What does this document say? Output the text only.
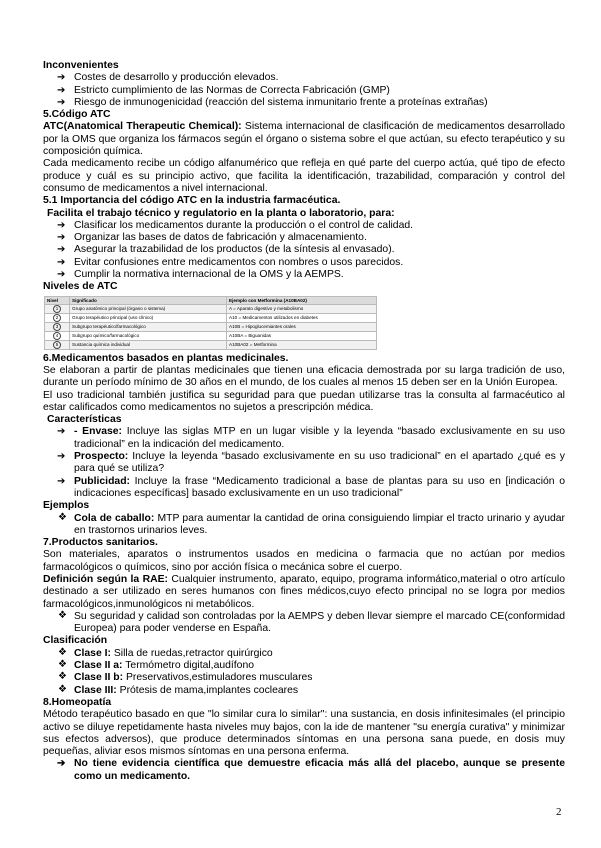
Inconvenientes

➔ Costes de desarrollo y producción elevados.

➔ Estricto cumplimiento de las Normas de Correcta Fabricación (GMP)

➔ Riesgo de inmunogenicidad (reacción del sistema inmunitario frente a proteínas extrañas)

5.Código ATC

ATC(Anatomical Therapeutic Chemical): Sistema internacional de clasificación de medicamentos desarrollado por la OMS que organiza los fármacos según el órgano o sistema sobre el que actúan, su efecto terapéutico y su composición química.

Cada medicamento recibe un código alfanumérico que refleja en qué parte del cuerpo actúa, qué tipo de efecto produce y cuál es su principio activo, que facilita la identificación, trazabilidad, comparación y control del consumo de medicamentos a nivel internacional.

5.1 Importancia del código ATC en la industria farmacéutica.

Facilita el trabajo técnico y regulatorio en la planta o laboratorio, para:

➔ Clasificar los medicamentos durante la producción o el control de calidad.

➔ Organizar las bases de datos de fabricación y almacenamiento.

➔ Asegurar la trazabilidad de los productos (de la síntesis al envasado).

➔ Evitar confusiones entre medicamentos con nombres o usos parecidos.

➔ Cumplir la normativa internacional de la OMS y la AEMPS.

Niveles de ATC

Nivel	Significado	Ejemplo con Metformina (A10BA02)
1	Grupo anatómico principal (órgano o sistema)	A = Aparato digestivo y metabolismo
2	Grupo terapéutico principal (uso clínico)	A10 = Medicamentos utilizados en diabetes
3	Subgrupo terapéutico/farmacológico	A10B = Hipoglucemiantes orales
4	Subgrupo químico/farmacológico	A10BA = Biguanidas
5	Sustancia química individual	A10BA02 = Metformina

6.Medicamentos basados en plantas medicinales.

Se elaboran a partir de plantas medicinales que tienen una eficacia demostrada por su larga tradición de uso, durante un período mínimo de 30 años en el mundo, de los cuales al menos 15 deben ser en la Unión Europea.

El uso tradicional también justifica su seguridad para que puedan utilizarse tras la consulta al farmacéutico al estar calificados como medicamentos no sujetos a prescripción médica.

Características

➔ - Envase: Incluye las siglas MTP en un lugar visible y la leyenda “basado exclusivamente en su uso tradicional” en la indicación del medicamento.

➔ Prospecto: Incluye la leyenda “basado exclusivamente en su uso tradicional” en el apartado ¿qué es y para qué se utiliza?

➔ Publicidad: Incluye la frase “Medicamento tradicional a base de plantas para su uso en [indicación o indicaciones específicas] basado exclusivamente en un uso tradicional”

Ejemplos

❖ Cola de caballo: MTP para aumentar la cantidad de orina consiguiendo limpiar el tracto urinario y ayudar en trastornos urinarios leves.

7.Productos sanitarios.

Son materiales, aparatos o instrumentos usados en medicina o farmacia que no actúan por medios farmacológicos o químicos, sino por acción física o mecánica sobre el cuerpo.

Definición según la RAE: Cualquier instrumento, aparato, equipo, programa informático,material o otro artículo destinado a ser utilizado en seres humanos con fines médicos,cuyo efecto principal no se logra por medios farmacológicos,inmunológicos ni metabólicos.

❖ Su seguridad y calidad son controladas por la AEMPS y deben llevar siempre el marcado CE(conformidad Europea) para poder venderse en España.

Clasificación

❖ Clase I: Silla de ruedas,retractor quirúrgico

❖ Clase II a: Termómetro digital,audífono

❖ Clase II b: Preservativos,estimuladores musculares

❖ Clase III: Prótesis de mama,implantes cocleares

8.Homeopatía

Método terapéutico basado en que "lo similar cura lo similar": una sustancia, en dosis infinitesimales (el principio activo se diluye repetidamente hasta niveles muy bajos, con la ide de mantener "su energía curativa" y minimizar sus efectos adversos), que produce determinados síntomas en una persona sana puede, en dosis muy pequeñas, aliviar esos mismos síntomas en una persona enferma.

➔ No tiene evidencia científica que demuestre eficacia más allá del placebo, aunque se presente como un medicamento.

2
